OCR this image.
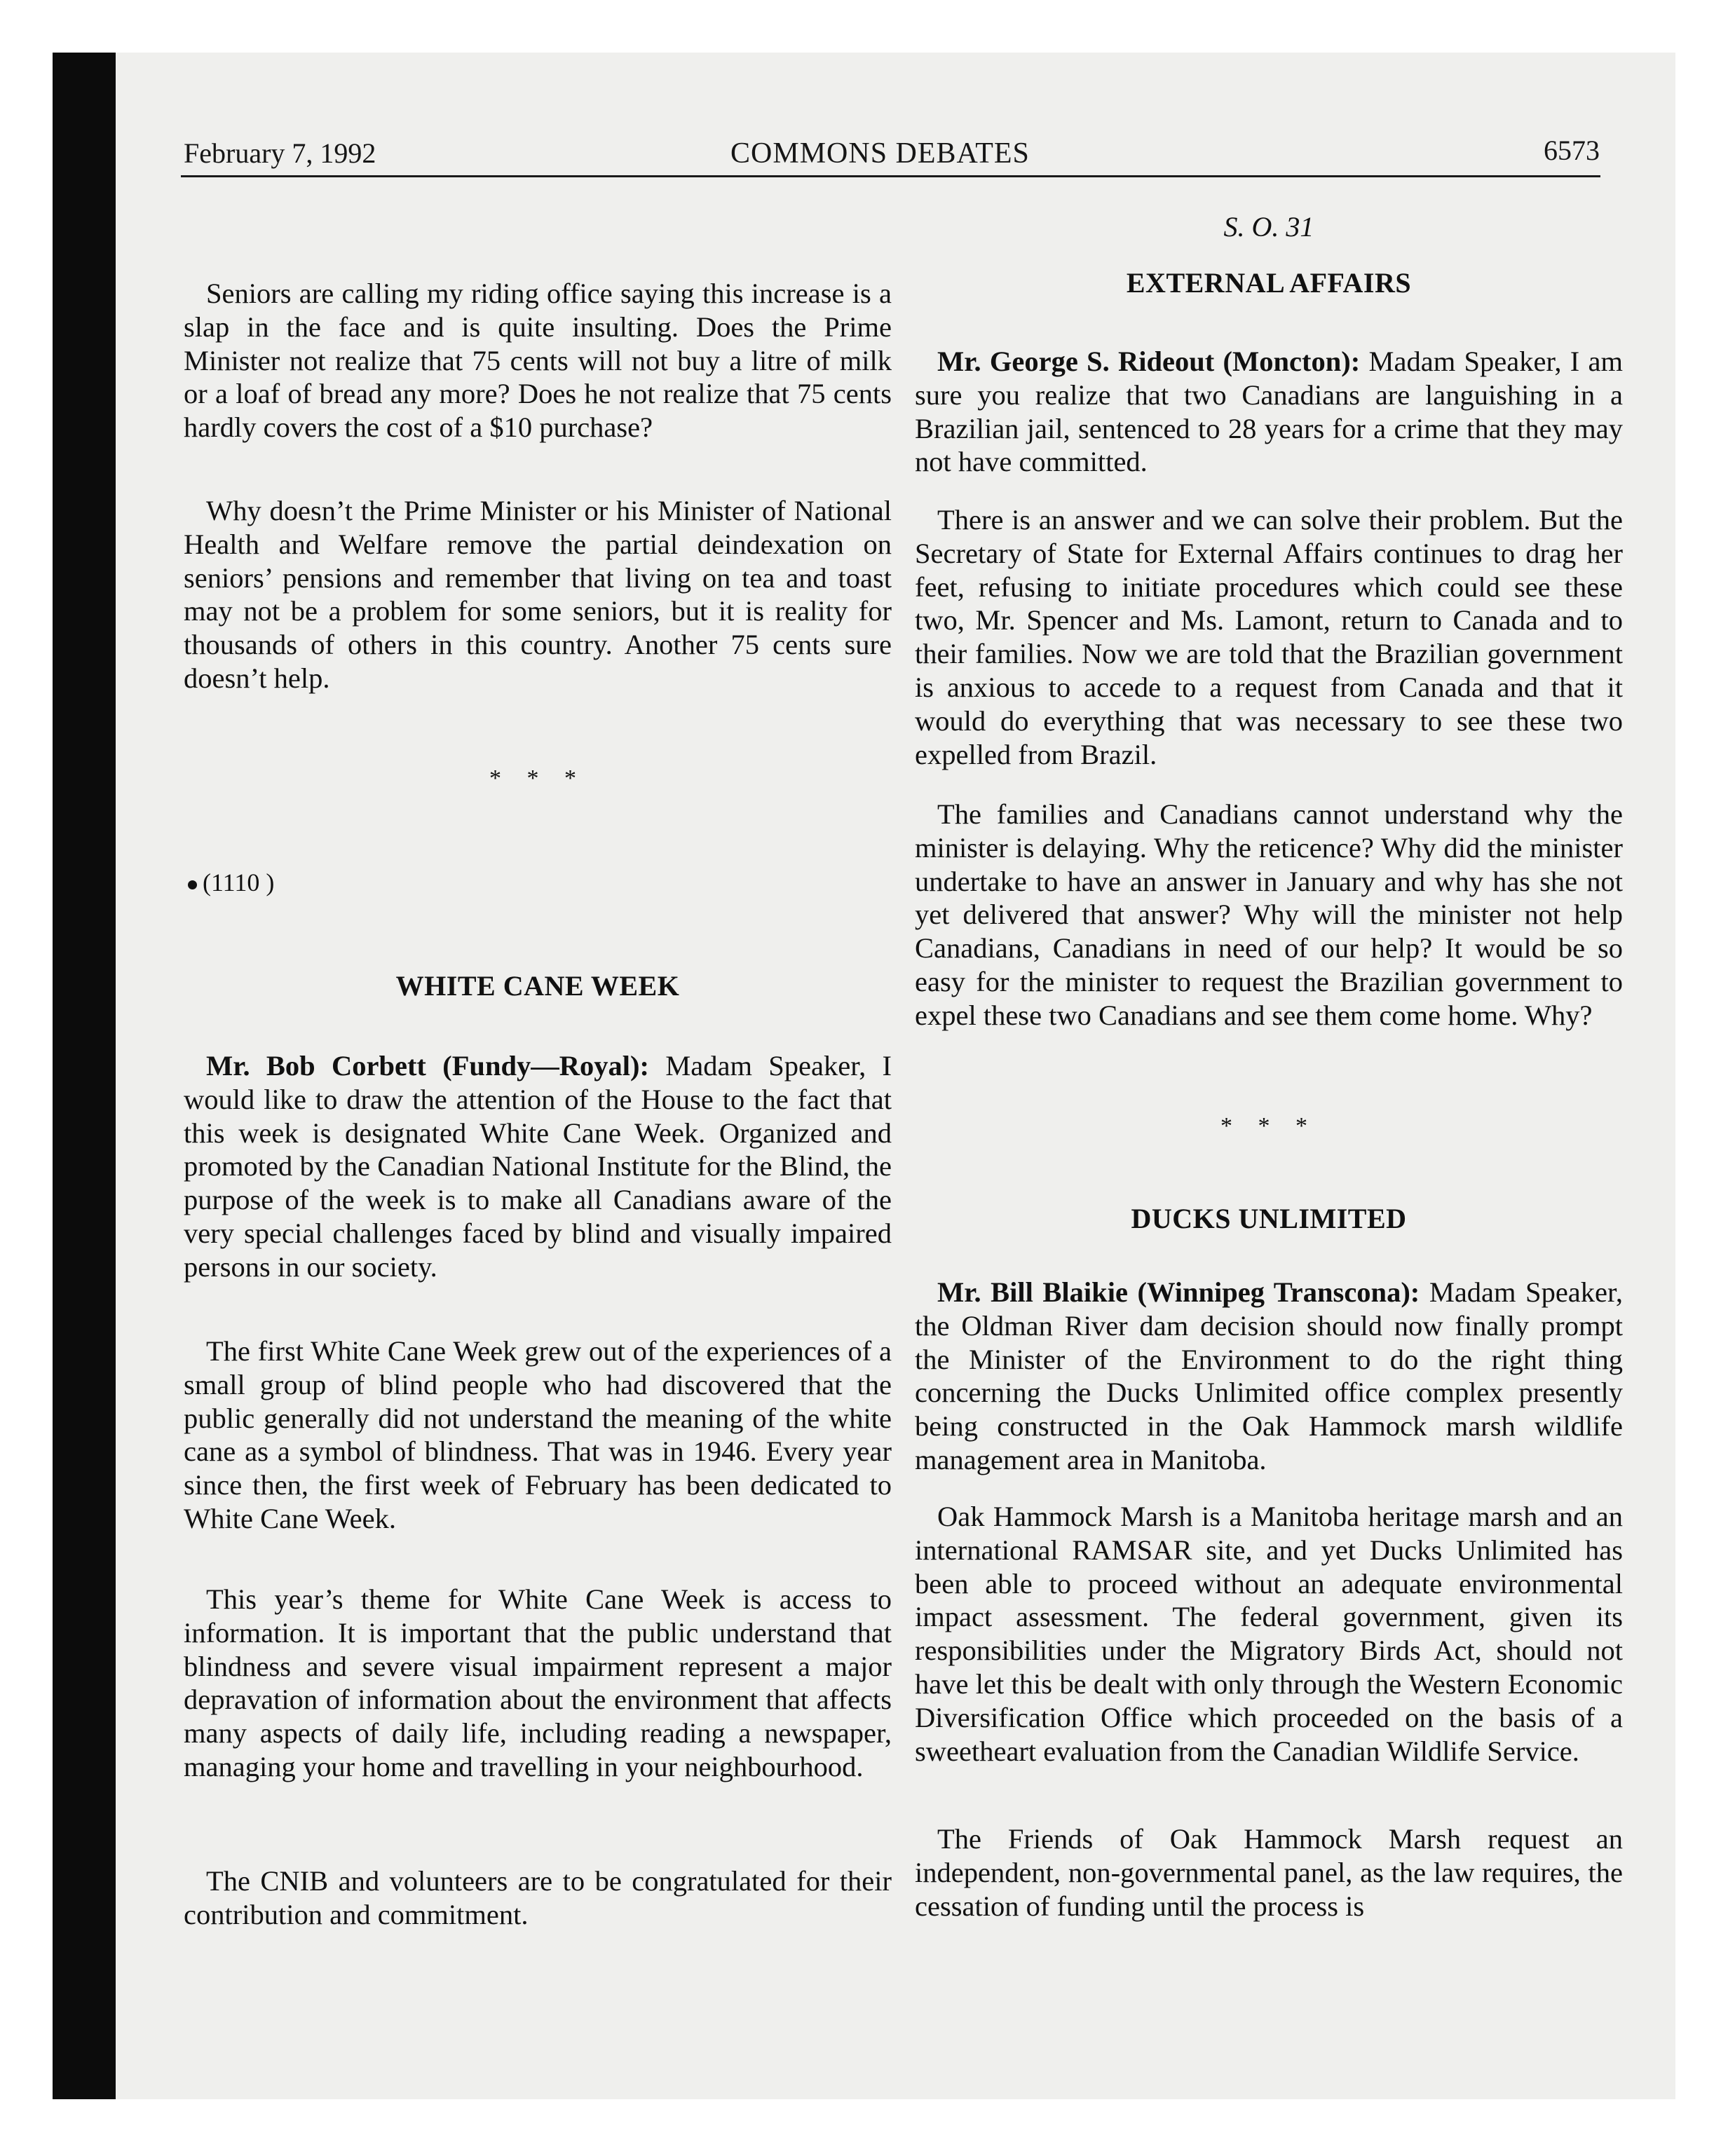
February 7, 1992	COMMONS DEBATES	6573

Seniors are calling my riding office saying this increase is a slap in the face and is quite insulting. Does the Prime Minister not realize that 75 cents will not buy a litre of milk or a loaf of bread any more? Does he not realize that 75 cents hardly covers the cost of a $10 purchase?

Why doesn’t the Prime Minister or his Minister of National Health and Welfare remove the partial deindexation on seniors’ pensions and remember that living on tea and toast may not be a problem for some seniors, but it is reality for thousands of others in this country. Another 75 cents sure doesn’t help.

* * *
(1110 )
WHITE CANE WEEK

Mr. Bob Corbett (Fundy—Royal): Madam Speaker, I would like to draw the attention of the House to the fact that this week is designated White Cane Week. Organized and promoted by the Canadian National Institute for the Blind, the purpose of the week is to make all Canadians aware of the very special challenges faced by blind and visually impaired persons in our society.

The first White Cane Week grew out of the experiences of a small group of blind people who had discovered that the public generally did not understand the meaning of the white cane as a symbol of blindness. That was in 1946. Every year since then, the first week of February has been dedicated to White Cane Week.

This year’s theme for White Cane Week is access to information. It is important that the public understand that blindness and severe visual impairment represent a major depravation of information about the environment that affects many aspects of daily life, including reading a newspaper, managing your home and travelling in your neighbourhood.

The CNIB and volunteers are to be congratulated for their contribution and commitment.

S. O. 31
EXTERNAL AFFAIRS

Mr. George S. Rideout (Moncton): Madam Speaker, I am sure you realize that two Canadians are languishing in a Brazilian jail, sentenced to 28 years for a crime that they may not have committed.

There is an answer and we can solve their problem. But the Secretary of State for External Affairs continues to drag her feet, refusing to initiate procedures which could see these two, Mr. Spencer and Ms. Lamont, return to Canada and to their families. Now we are told that the Brazilian government is anxious to accede to a request from Canada and that it would do everything that was necessary to see these two expelled from Brazil.

The families and Canadians cannot understand why the minister is delaying. Why the reticence? Why did the minister undertake to have an answer in January and why has she not yet delivered that answer? Why will the minister not help Canadians, Canadians in need of our help? It would be so easy for the minister to request the Brazilian government to expel these two Canadians and see them come home. Why?

* * *
DUCKS UNLIMITED

Mr. Bill Blaikie (Winnipeg Transcona): Madam Speaker, the Oldman River dam decision should now finally prompt the Minister of the Environment to do the right thing concerning the Ducks Unlimited office complex presently being constructed in the Oak Hammock marsh wildlife management area in Manitoba.

Oak Hammock Marsh is a Manitoba heritage marsh and an international RAMSAR site, and yet Ducks Unlimited has been able to proceed without an adequate environmental impact assessment. The federal government, given its responsibilities under the Migratory Birds Act, should not have let this be dealt with only through the Western Economic Diversification Office which proceeded on the basis of a sweetheart evaluation from the Canadian Wildlife Service.

The Friends of Oak Hammock Marsh request an independent, non-governmental panel, as the law requires, the cessation of funding until the process is
